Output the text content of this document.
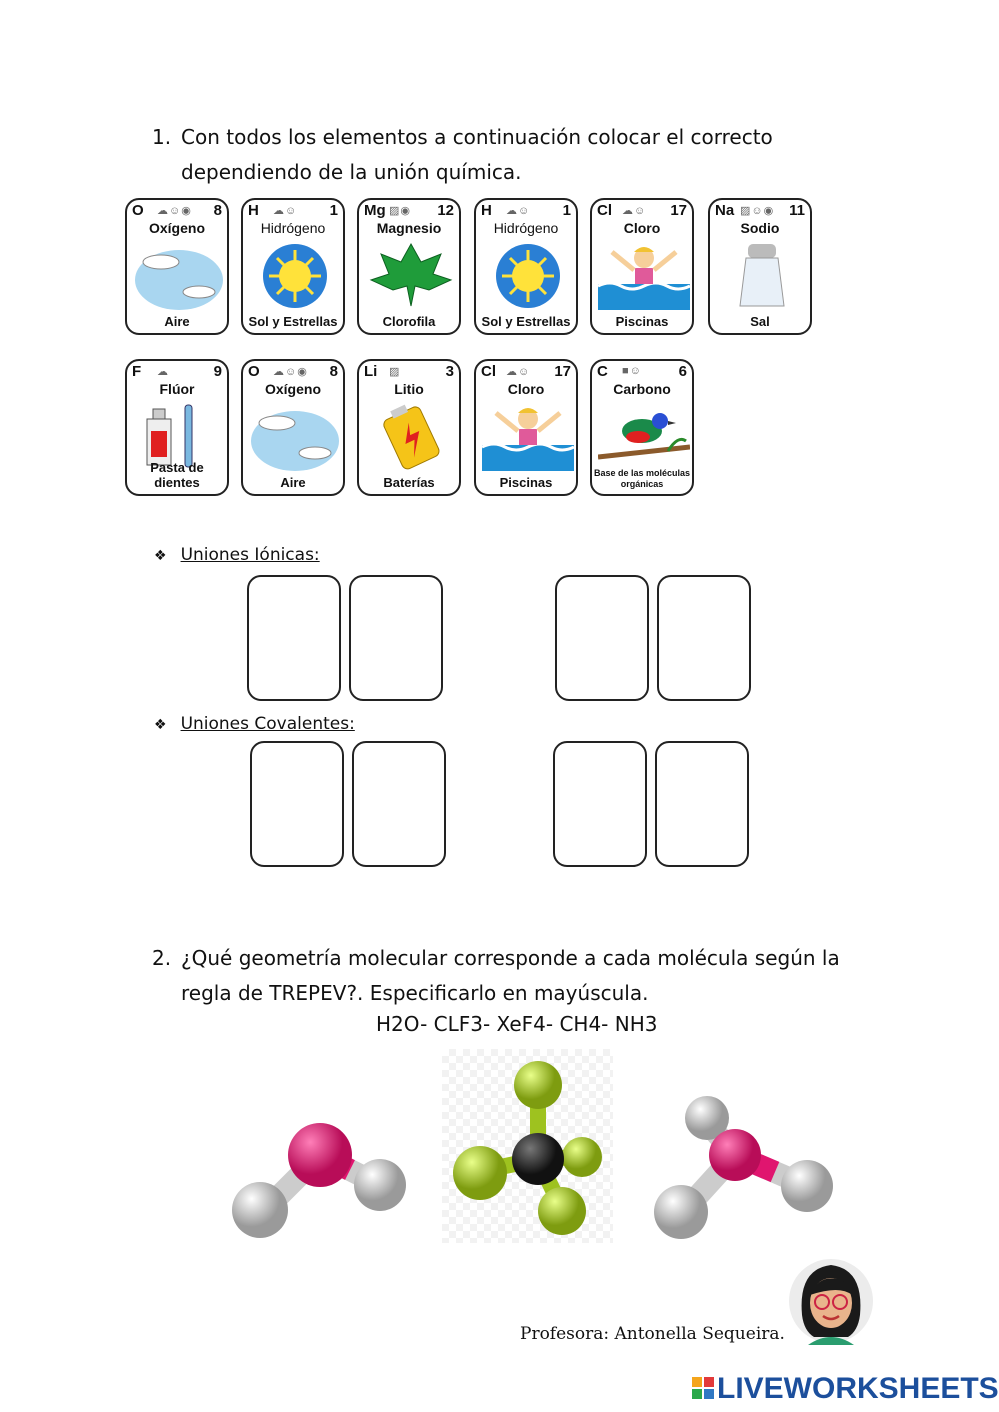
1. Con todos los elementos a continuación colocar el correcto dependiendo de la unión química.
O ☁☺◉ 8
Oxígeno
Aire
H ☁☺ 1
Hidrógeno
Sol y Estrellas
Mg ▨◉ 12
Magnesio
Clorofila
H ☁☺ 1
Hidrógeno
Sol y Estrellas
Cl ☁☺ 17
Cloro
Piscinas
Na ▨☺◉ 11
Sodio
Sal
F ☁	9
Flúor
Pasta de dientes
O ☁☺◉ 8
Oxígeno
Aire
Li ▨	3
Litio
Baterías
Cl ☁☺ 17
Cloro
Piscinas
C ■☺ 6
Carbono
Base de las moléculas orgánicas
❖ Uniones Iónicas:
❖ Uniones Covalentes:
2. ¿Qué geometría molecular corresponde a cada molécula según la regla de TREPEV?. Especificarlo en mayúscula.
H2O- CLF3- XeF4- CH4- NH3
Profesora: Antonella Sequeira.
LIVEWORKSHEETS
